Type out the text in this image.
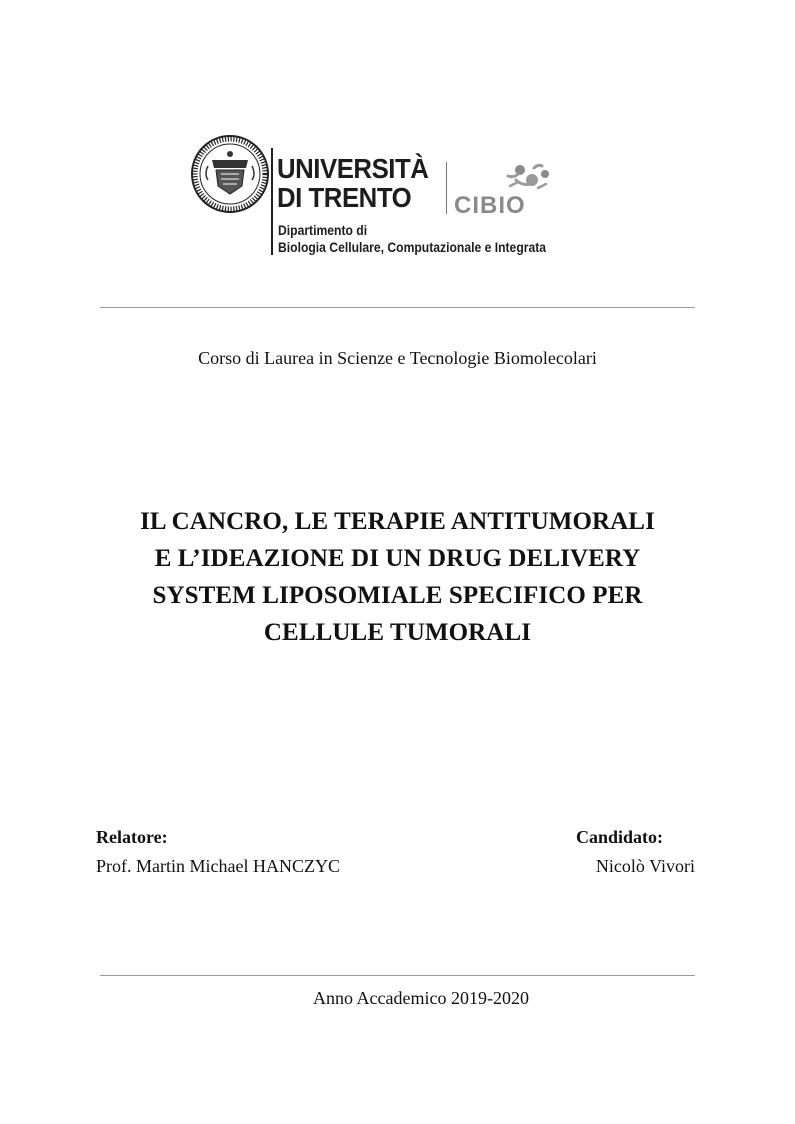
UNIVERSITÀ
DI TRENTO	CIBIO
Dipartimento di
Biologia Cellulare, Computazionale e Integrata
Corso di Laurea in Scienze e Tecnologie Biomolecolari
IL CANCRO, LE TERAPIE ANTITUMORALI
E L’IDEAZIONE DI UN DRUG DELIVERY
SYSTEM LIPOSOMIALE SPECIFICO PER
CELLULE TUMORALI
Relatore:	Candidato:
Prof. Martin Michael HANCZYC	Nicolò Vivori
Anno Accademico 2019-2020
